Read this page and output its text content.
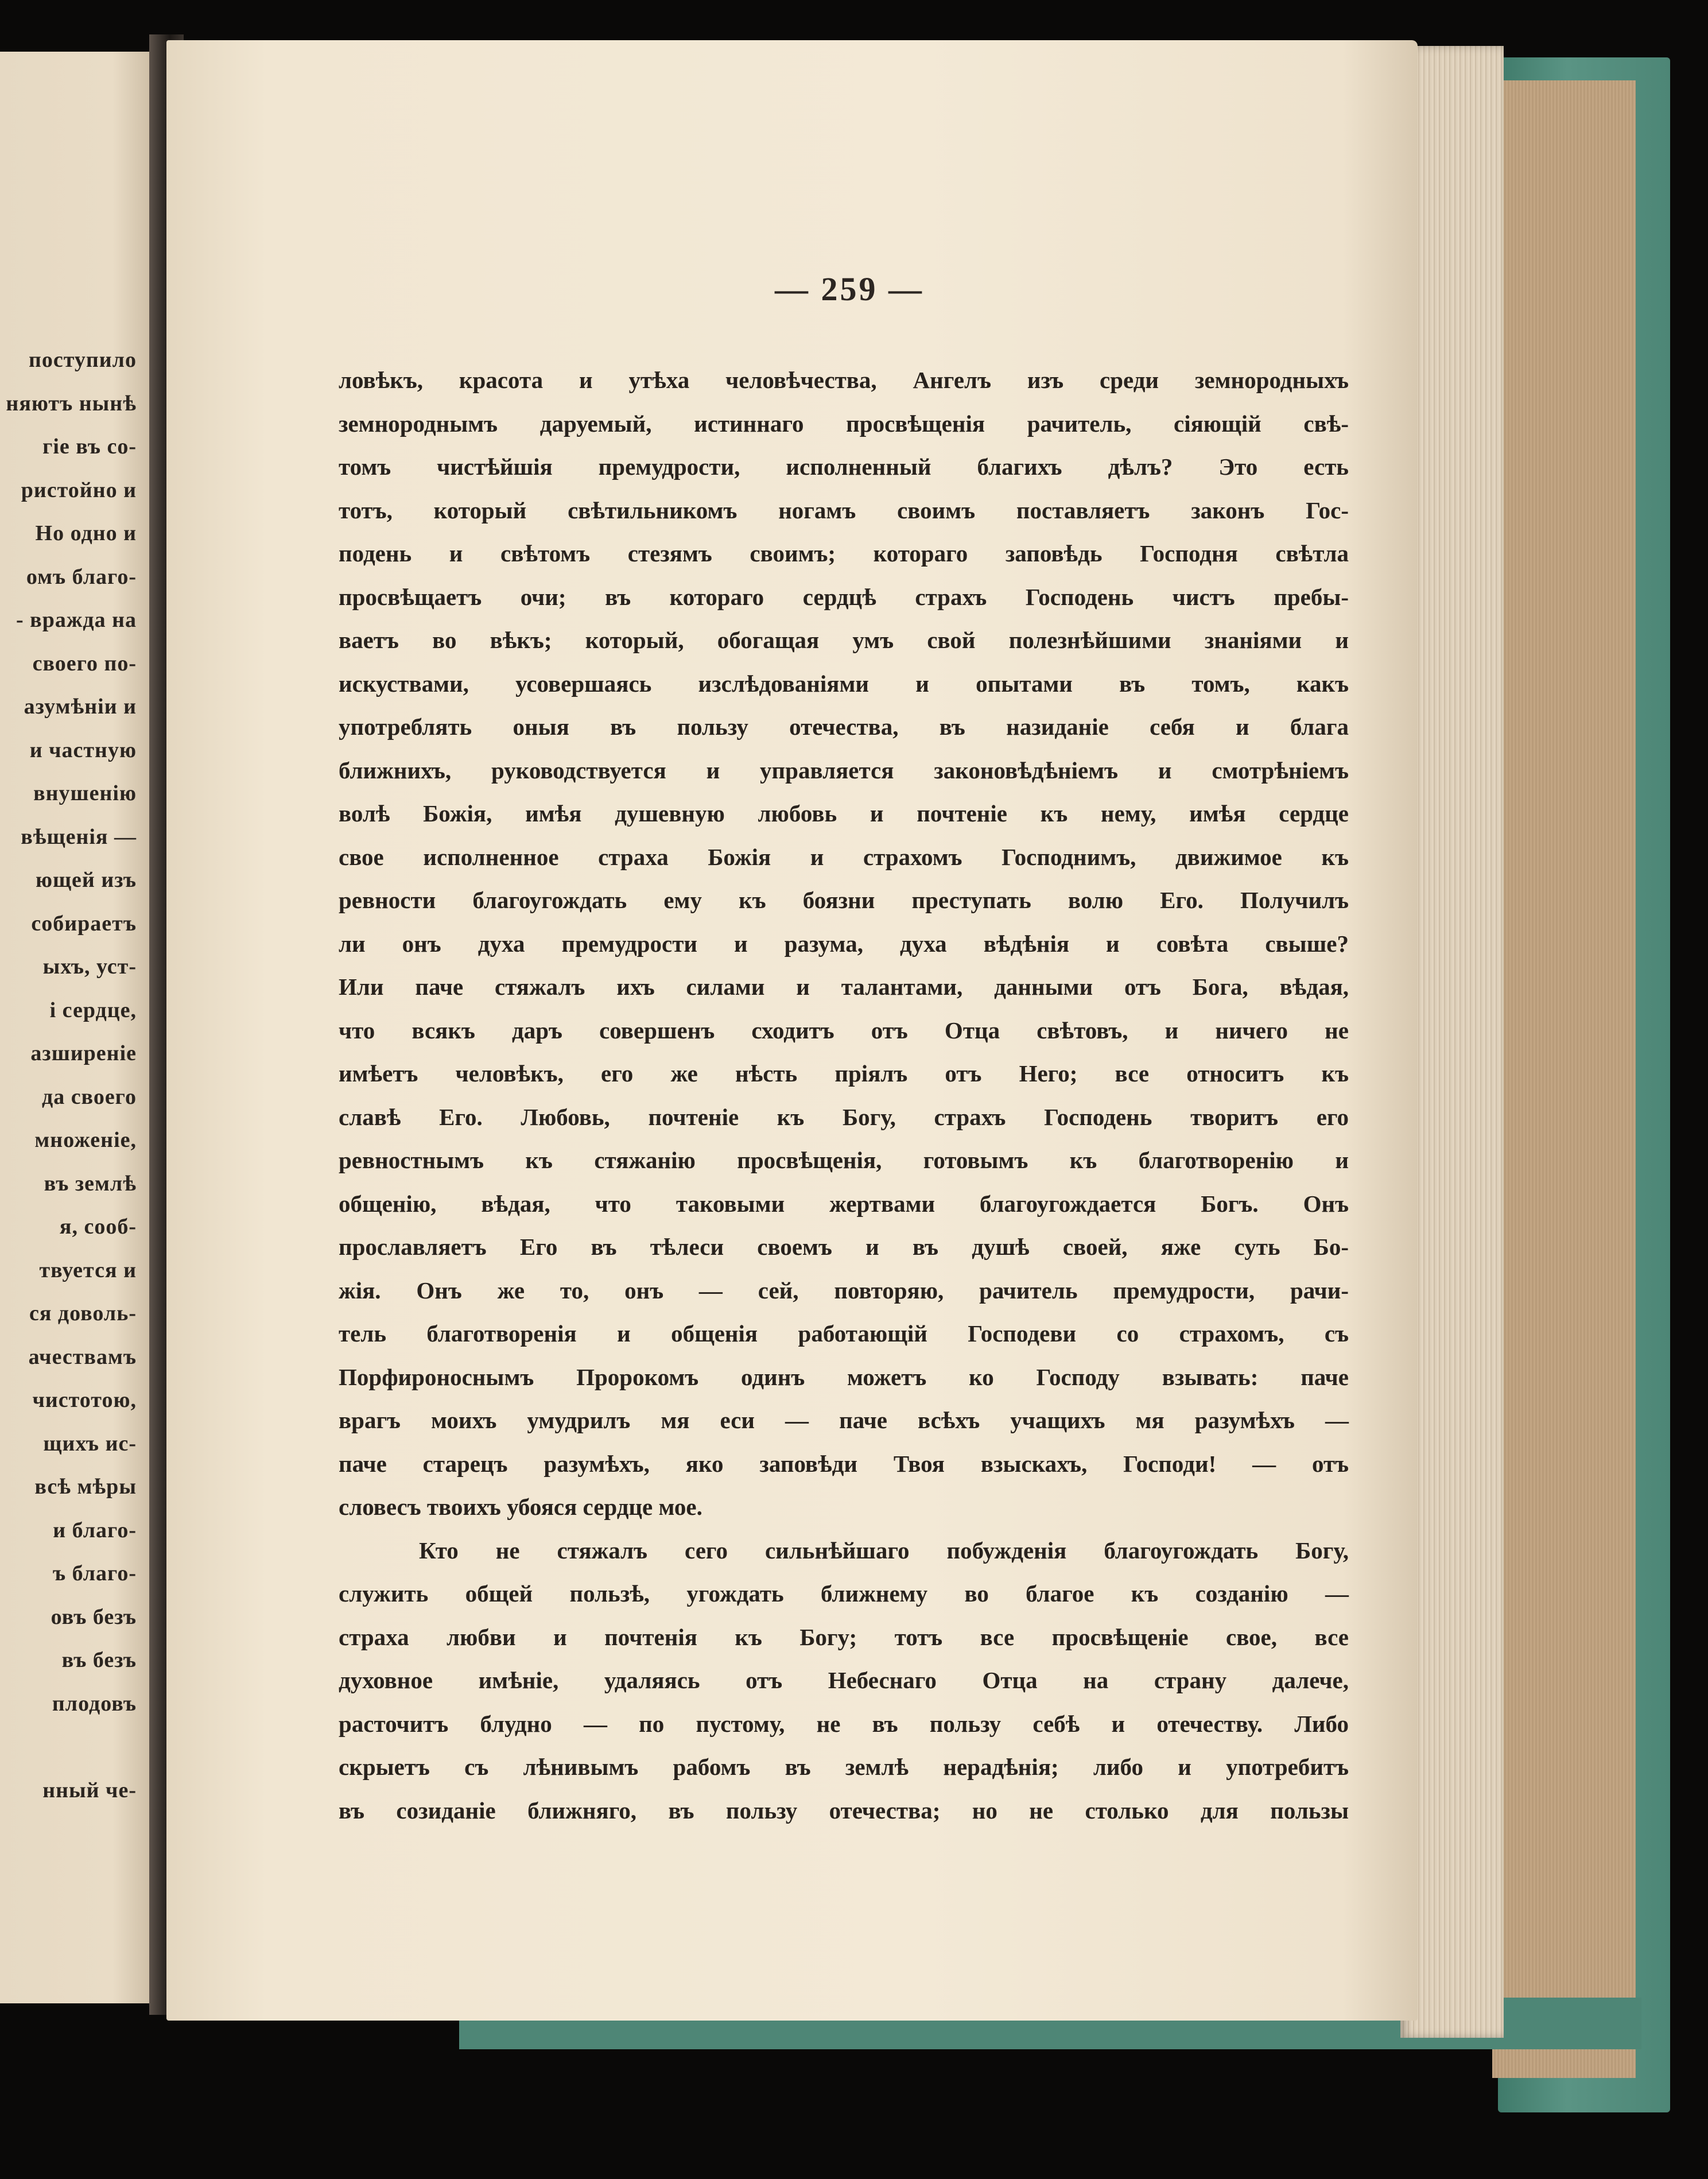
поступило
няютъ нынѣ
гіе въ со-
ристойно и
Но одно и
омъ благо-
- вражда на
своего по-
азумѣніи и
и частную
внушенію
вѣщенія —
ющей изъ
собираетъ
ыхъ, уст-
і сердце,
азширеніе
да своего
множеніе,
въ землѣ
я, сооб-
твуется и
ся доволь-
ачествамъ
чистотою,
щихъ ис-
всѣ мѣры
и благо-
ъ благо-
овъ безъ
въ безъ
плодовъ
нный че-
— 259 —
ловѣкъ, красота и утѣха человѣчества, Ангелъ изъ среди земнородныхъ
земнороднымъ даруемый, истиннаго просвѣщенія рачитель, сіяющій свѣ-
томъ чистѣйшія премудрости, исполненный благихъ дѣлъ? Это есть
тотъ, который свѣтильникомъ ногамъ своимъ поставляетъ законъ Гос-
подень и свѣтомъ стезямъ своимъ; котораго заповѣдь Господня свѣтла
просвѣщаетъ очи; въ котораго сердцѣ страхъ Господень чистъ пребы-
ваетъ во вѣкъ; который, обогащая умъ свой полезнѣйшими знаніями и
искуствами, усовершаясь изслѣдованіями и опытами въ томъ, какъ
употреблять оныя въ пользу отечества, въ назиданіе себя и блага
ближнихъ, руководствуется и управляется законовѣдѣніемъ и смотрѣніемъ
волѣ Божія, имѣя душевную любовь и почтеніе къ нему, имѣя сердце
свое исполненное страха Божія и страхомъ Господнимъ, движимое къ
ревности благоугождать ему къ боязни преступать волю Его. Получилъ
ли онъ духа премудрости и разума, духа вѣдѣнія и совѣта свыше?
Или паче стяжалъ ихъ силами и талантами, данными отъ Бога, вѣдая,
что всякъ даръ совершенъ сходитъ отъ Отца свѣтовъ, и ничего не
имѣетъ человѣкъ, его же нѣсть пріялъ отъ Него; все относитъ къ
славѣ Его. Любовь, почтеніе къ Богу, страхъ Господень творитъ его
ревностнымъ къ стяжанію просвѣщенія, готовымъ къ благотворенію и
общенію, вѣдая, что таковыми жертвами благоугождается Богъ. Онъ
прославляетъ Его въ тѣлеси своемъ и въ душѣ своей, яже суть Бо-
жія. Онъ же то, онъ — сей, повторяю, рачитель премудрости, рачи-
тель благотворенія и общенія работающій Господеви со страхомъ, съ
Порфироноснымъ Пророкомъ одинъ можетъ ко Господу взывать: паче
врагъ моихъ умудрилъ мя еси — паче всѣхъ учащихъ мя разумѣхъ —
паче старецъ разумѣхъ, яко заповѣди Твоя взыскахъ, Господи! — отъ
словесъ твоихъ убояся сердце мое.
Кто не стяжалъ сего сильнѣйшаго побужденія благоугождать Богу,
служить общей пользѣ, угождать ближнему во благое къ созданію —
страха любви и почтенія къ Богу; тотъ все просвѣщеніе свое, все
духовное имѣніе, удаляясь отъ Небеснаго Отца на страну далече,
расточитъ блудно — по пустому, не въ пользу себѣ и отечеству. Либо
скрыетъ съ лѣнивымъ рабомъ въ землѣ нерадѣнія; либо и употребитъ
въ созиданіе ближняго, въ пользу отечества; но не столько для пользы
